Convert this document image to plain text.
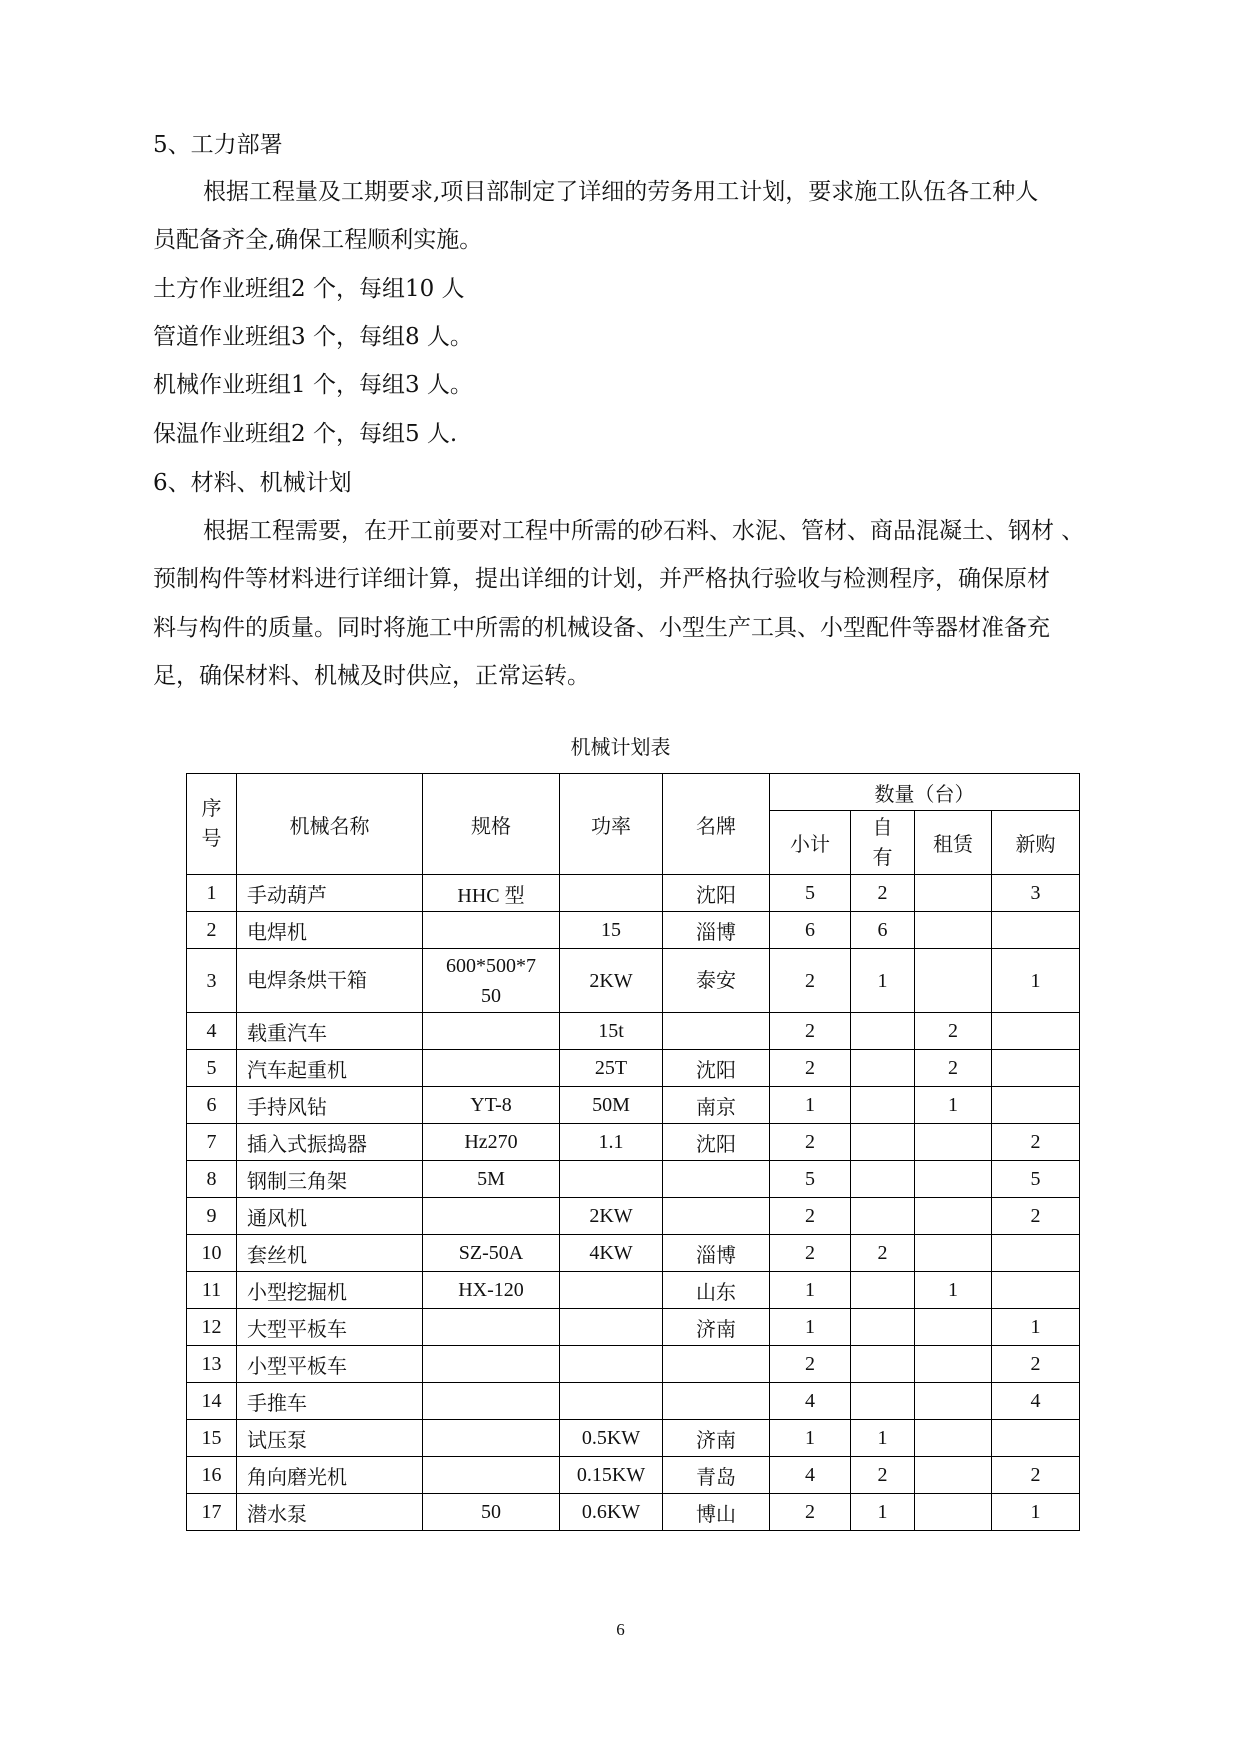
5、工力部署
根据工程量及工期要求,项目部制定了详细的劳务用工计划，要求施工队伍各工种人
员配备齐全,确保工程顺利实施。
土方作业班组2 个，每组10 人
管道作业班组3 个，每组8 人。
机械作业班组1 个，每组3 人。
保温作业班组2 个，每组5 人.
6、材料、机械计划
根据工程需要，在开工前要对工程中所需的砂石料、水泥、管材、商品混凝土、钢材 、
预制构件等材料进行详细计算，提出详细的计划，并严格执行验收与检测程序，确保原材
料与构件的质量。同时将施工中所需的机械设备、小型生产工具、小型配件等器材准备充
足，确保材料、机械及时供应，正常运转。
机械计划表
序
号	机械名称	规格	功率	名牌	数量（台）			
					小计	自
有	租赁	新购
1	手动葫芦	HHC 型		沈阳	5	2		3
2	电焊机		15	淄博	6	6		
3	电焊条烘干箱	600*500*7
50	2KW	泰安	2	1		1
4	载重汽车		15t		2		2	
5	汽车起重机		25T	沈阳	2		2	
6	手持风钻	YT-8	50M	南京	1		1	
7	插入式振捣器	Hz270	1.1	沈阳	2			2
8	钢制三角架	5M			5			5
9	通风机		2KW		2			2
10	套丝机	SZ-50A	4KW	淄博	2	2		
11	小型挖掘机	HX-120		山东	1		1	
12	大型平板车			济南	1			1
13	小型平板车				2			2
14	手推车				4			4
15	试压泵		0.5KW	济南	1	1		
16	角向磨光机		0.15KW	青岛	4	2		2
17	潜水泵	50	0.6KW	博山	2	1		1
6
